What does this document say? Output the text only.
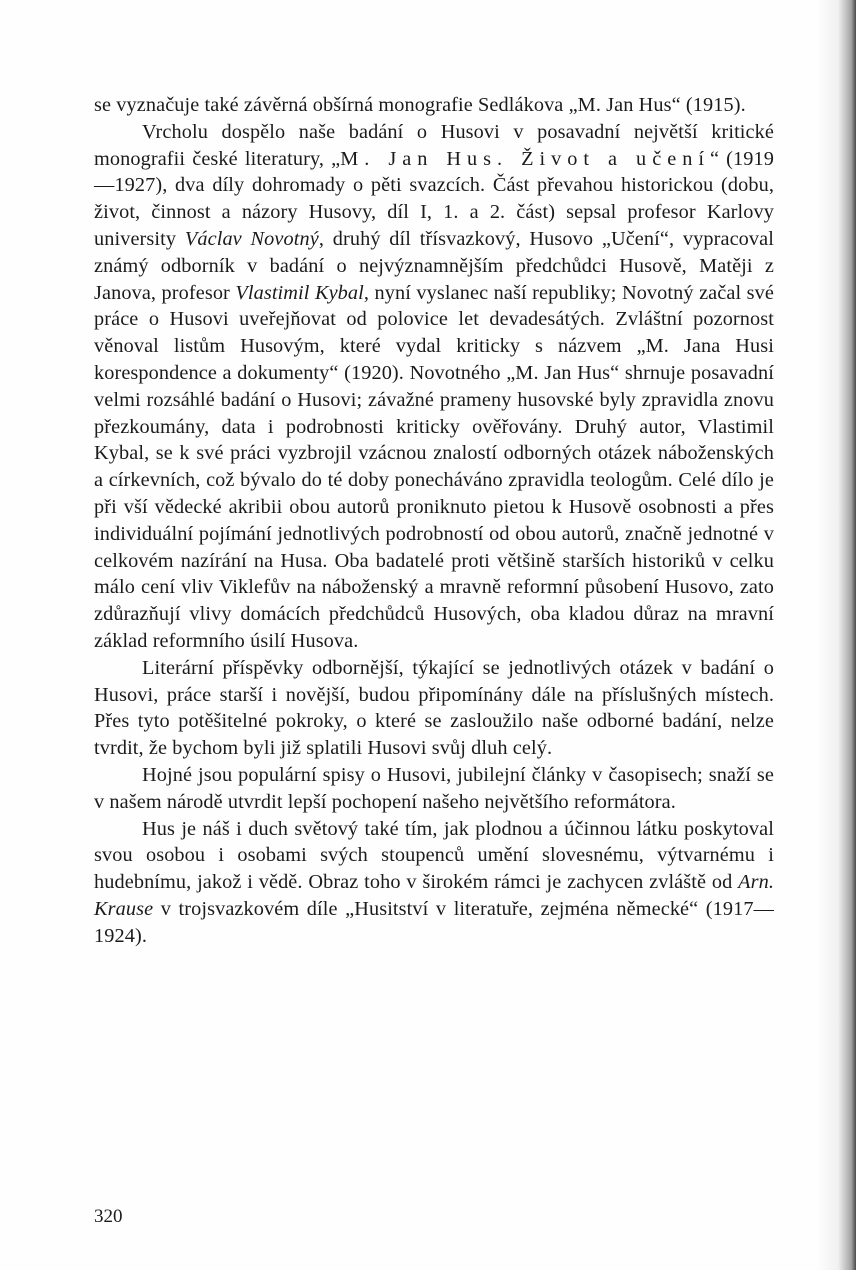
se vyznačuje také závěrná obšírná monografie Sedlákova „M. Jan Hus“ (1915).

Vrcholu dospělo naše badání o Husovi v posavadní největší kritické monografii české literatury, „M. Jan Hus. Život a učení“ (1919—1927), dva díly dohromady o pěti svazcích. Část převahou historickou (dobu, život, činnost a názory Husovy, díl I, 1. a 2. část) sepsal profesor Karlovy university Václav Novotný, druhý díl třísvazkový, Husovo „Učení“, vypracoval známý odborník v badání o nejvýznamnějším předchůdci Husově, Matěji z Janova, profesor Vlastimil Kybal, nyní vyslanec naší republiky; Novotný začal své práce o Husovi uveřejňovat od polovice let devadesátých. Zvláštní pozornost věnoval listům Husovým, které vydal kriticky s názvem „M. Jana Husi korespondence a dokumenty“ (1920). Novotného „M. Jan Hus“ shrnuje posavadní velmi rozsáhlé badání o Husovi; závažné prameny husovské byly zpravidla znovu přezkoumány, data i podrobnosti kriticky ověřovány. Druhý autor, Vlastimil Kybal, se k své práci vyzbrojil vzácnou znalostí odborných otázek náboženských a církevních, což bývalo do té doby ponecháváno zpravidla teologům. Celé dílo je při vší vědecké akribii obou autorů proniknuto pietou k Husově osobnosti a přes individuální pojímání jednotlivých podrobností od obou autorů, značně jednotné v celkovém nazírání na Husa. Oba badatelé proti většině starších historiků v celku málo cení vliv Viklefův na náboženský a mravně reformní působení Husovo, zato zdůrazňují vlivy domácích předchůdců Husových, oba kladou důraz na mravní základ reformního úsilí Husova.

Literární příspěvky odbornější, týkající se jednotlivých otázek v badání o Husovi, práce starší i novější, budou připomínány dále na příslušných místech. Přes tyto potěšitelné pokroky, o které se zasloužilo naše odborné badání, nelze tvrdit, že bychom byli již splatili Husovi svůj dluh celý.

Hojné jsou populární spisy o Husovi, jubilejní články v časopisech; snaží se v našem národě utvrdit lepší pochopení našeho největšího reformátora.

Hus je náš i duch světový také tím, jak plodnou a účinnou látku poskytoval svou osobou i osobami svých stoupenců umění slovesnému, výtvarnému i hudebnímu, jakož i vědě. Obraz toho v širokém rámci je zachycen zvláště od Arn. Krause v trojsvazkovém díle „Husitství v literatuře, zejména německé“ (1917—1924).

320
